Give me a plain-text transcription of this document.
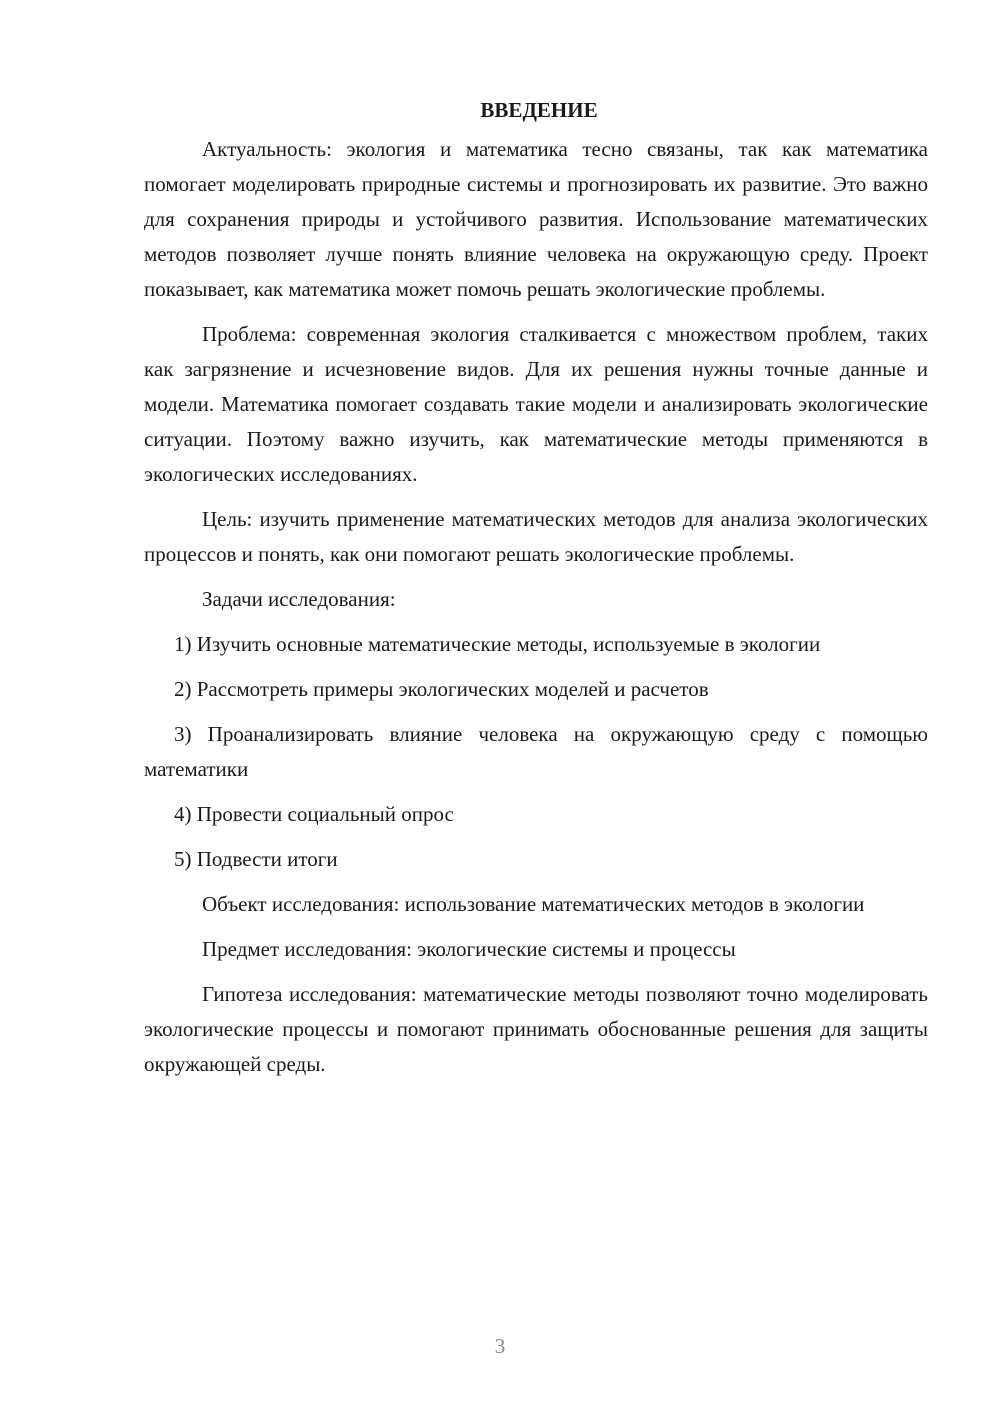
ВВЕДЕНИЕ

Актуальность: экология и математика тесно связаны, так как математика помогает моделировать природные системы и прогнозировать их развитие. Это важно для сохранения природы и устойчивого развития. Использование математических методов позволяет лучше понять влияние человека на окружающую среду. Проект показывает, как математика может помочь решать экологические проблемы.

Проблема: современная экология сталкивается с множеством проблем, таких как загрязнение и исчезновение видов. Для их решения нужны точные данные и модели. Математика помогает создавать такие модели и анализировать экологические ситуации. Поэтому важно изучить, как математические методы применяются в экологических исследованиях.

Цель: изучить применение математических методов для анализа экологических процессов и понять, как они помогают решать экологические проблемы.

Задачи исследования:

1) Изучить основные математические методы, используемые в экологии

2) Рассмотреть примеры экологических моделей и расчетов

3) Проанализировать влияние человека на окружающую среду с помощью математики

4) Провести социальный опрос

5) Подвести итоги

Объект исследования: использование математических методов в экологии

Предмет исследования: экологические системы и процессы

Гипотеза исследования: математические методы позволяют точно моделировать экологические процессы и помогают принимать обоснованные решения для защиты окружающей среды.

3
